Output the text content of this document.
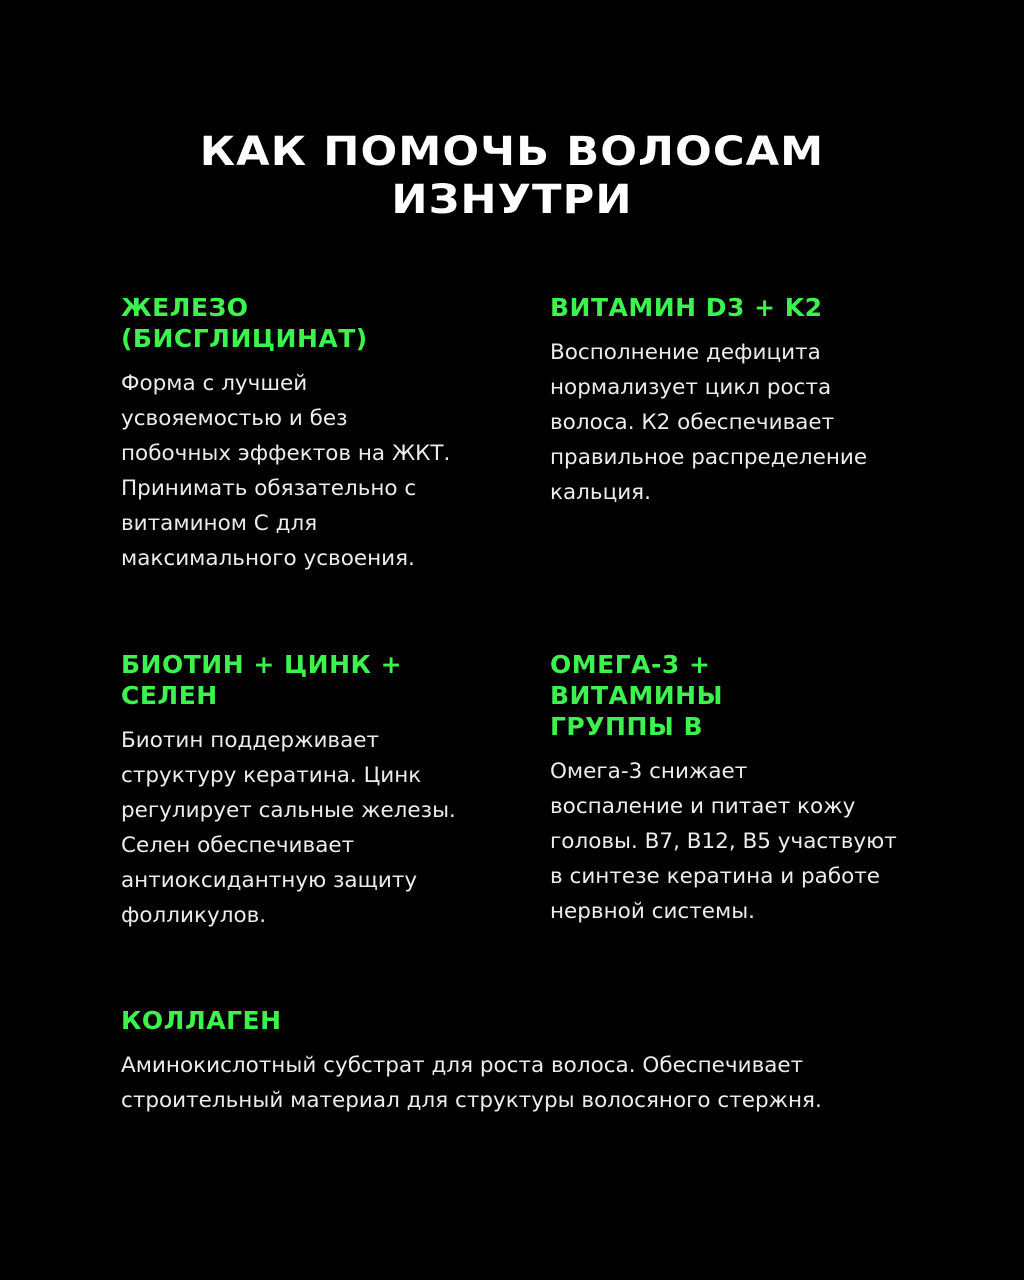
КАК ПОМОЧЬ ВОЛОСАМ
ИЗНУТРИ
ЖЕЛЕЗО
(БИСГЛИЦИНАТ)

Форма с лучшей
усвояемостью и без
побочных эффектов на ЖКТ.
Принимать обязательно с
витамином С для
максимального усвоения.

ВИТАМИН D3 + K2

Восполнение дефицита
нормализует цикл роста
волоса. К2 обеспечивает
правильное распределение
кальция.

БИОТИН + ЦИНК +
СЕЛЕН

Биотин поддерживает
структуру кератина. Цинк
регулирует сальные железы.
Селен обеспечивает
антиоксидантную защиту
фолликулов.

ОМЕГА-3 +
ВИТАМИНЫ
ГРУППЫ В

Омега-3 снижает
воспаление и питает кожу
головы. В7, В12, В5 участвуют
в синтезе кератина и работе
нервной системы.

КОЛЛАГЕН

Аминокислотный субстрат для роста волоса. Обеспечивает
строительный материал для структуры волосяного стержня.
